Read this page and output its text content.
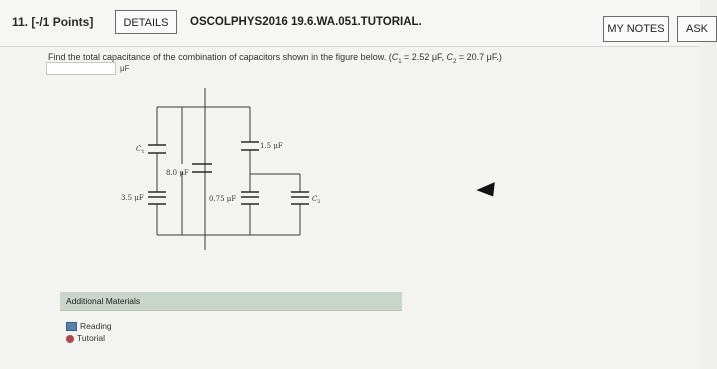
11. [-/1 Points]	DETAILS	OSCOLPHYS2016 19.6.WA.051.TUTORIAL.
MY NOTES	ASK
Find the total capacitance of the combination of capacitors shown in the figure below. ($C_1 = 2.52$ μF, $C_2 = 20.7$ μF.)
μF
$C_1$
8.0 μF
1.5 μF
3.5 μF	0.75 μF	$C_2$
Additional Materials
Reading
Tutorial
